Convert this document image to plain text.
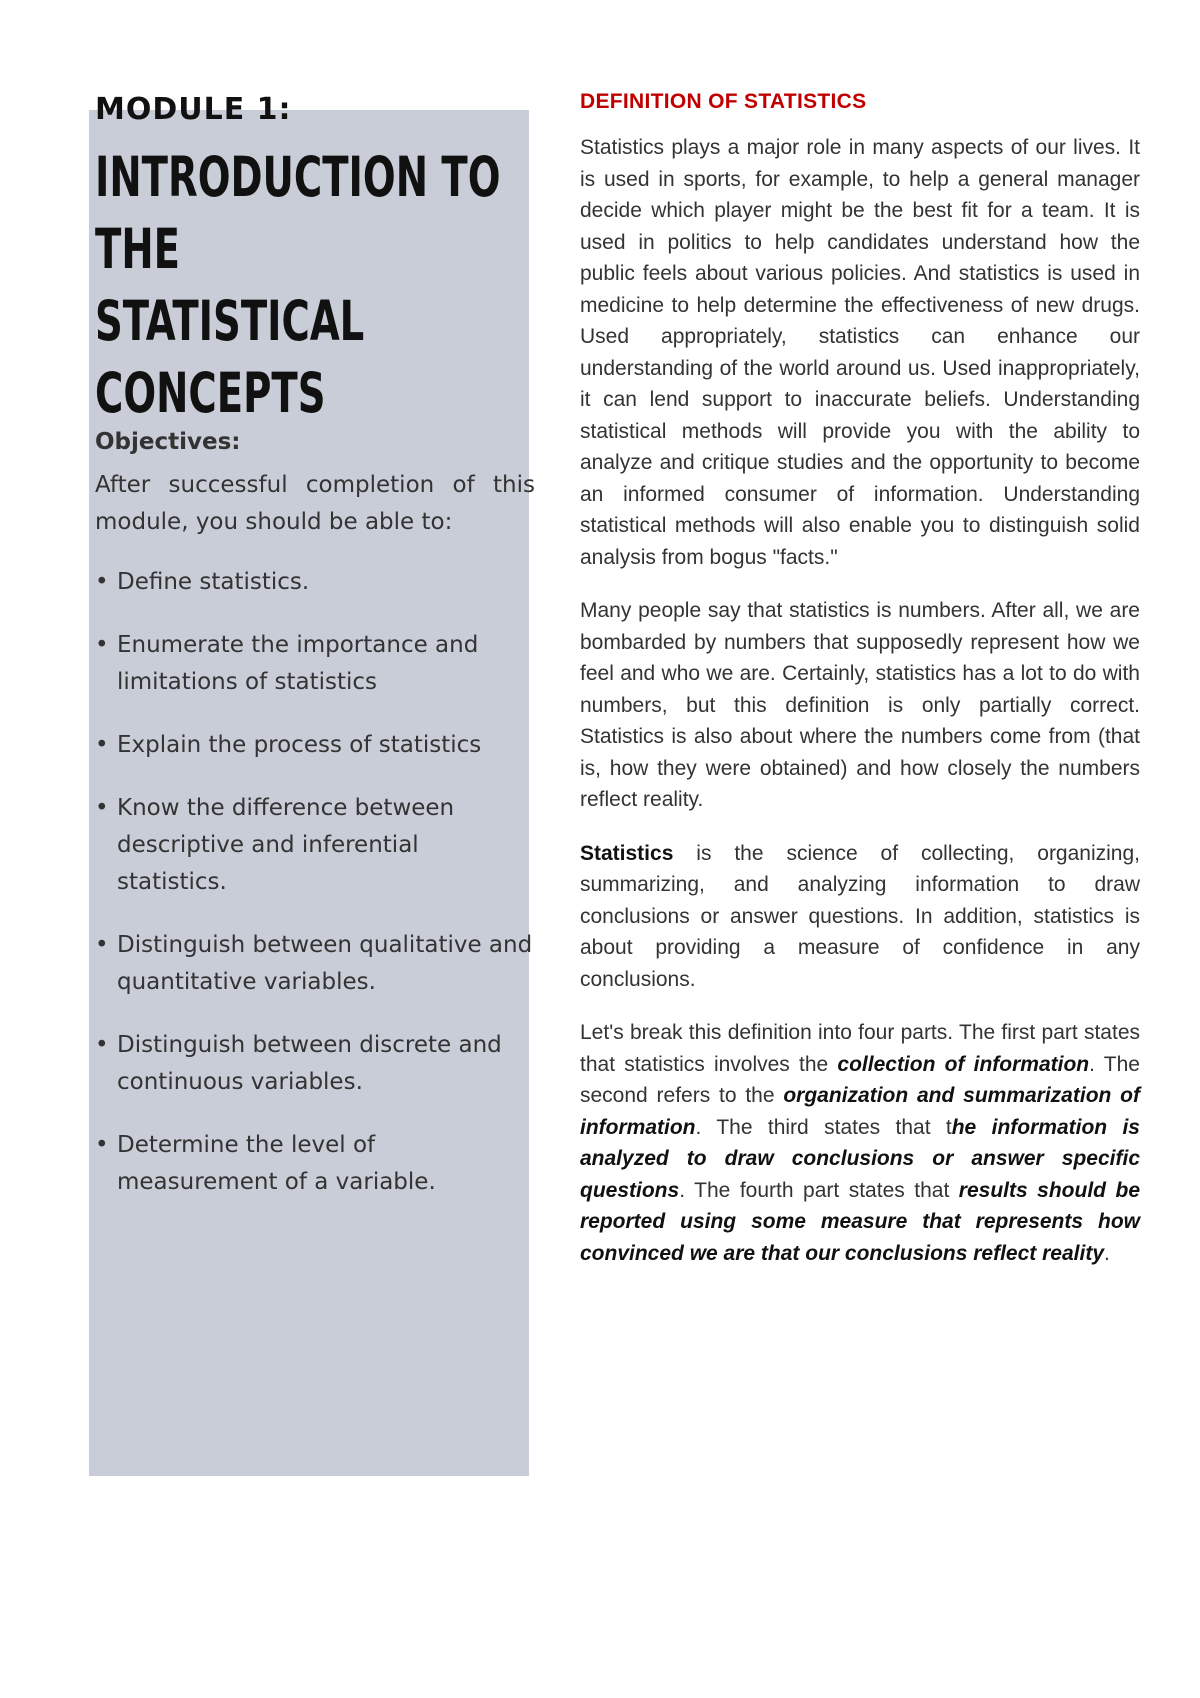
MODULE 1:
INTRODUCTION TO THE
STATISTICAL
CONCEPTS
Objectives:

After successful completion of this module, you should be able to:

• Define statistics.
• Enumerate the importance and limitations of statistics
• Explain the process of statistics
• Know the difference between descriptive and inferential statistics.
• Distinguish between qualitative and quantitative variables.
• Distinguish between discrete and continuous variables.
• Determine the level of measurement of a variable.
DEFINITION OF STATISTICS

Statistics plays a major role in many aspects of our lives. It is used in sports, for example, to help a general manager decide which player might be the best fit for a team. It is used in politics to help candidates understand how the public feels about various policies. And statistics is used in medicine to help determine the effectiveness of new drugs. Used appropriately, statistics can enhance our understanding of the world around us. Used inappropriately, it can lend support to inaccurate beliefs. Understanding statistical methods will provide you with the ability to analyze and critique studies and the opportunity to become an informed consumer of information. Understanding statistical methods will also enable you to distinguish solid analysis from bogus "facts."

Many people say that statistics is numbers. After all, we are bombarded by numbers that supposedly represent how we feel and who we are. Certainly, statistics has a lot to do with numbers, but this definition is only partially correct. Statistics is also about where the numbers come from (that is, how they were obtained) and how closely the numbers reflect reality.

Statistics is the science of collecting, organizing, summarizing, and analyzing information to draw conclusions or answer questions. In addition, statistics is about providing a measure of confidence in any conclusions.

Let's break this definition into four parts. The first part states that statistics involves the collection of information. The second refers to the organization and summarization of information. The third states that the information is analyzed to draw conclusions or answer specific questions. The fourth part states that results should be reported using some measure that represents how convinced we are that our conclusions reflect reality.
